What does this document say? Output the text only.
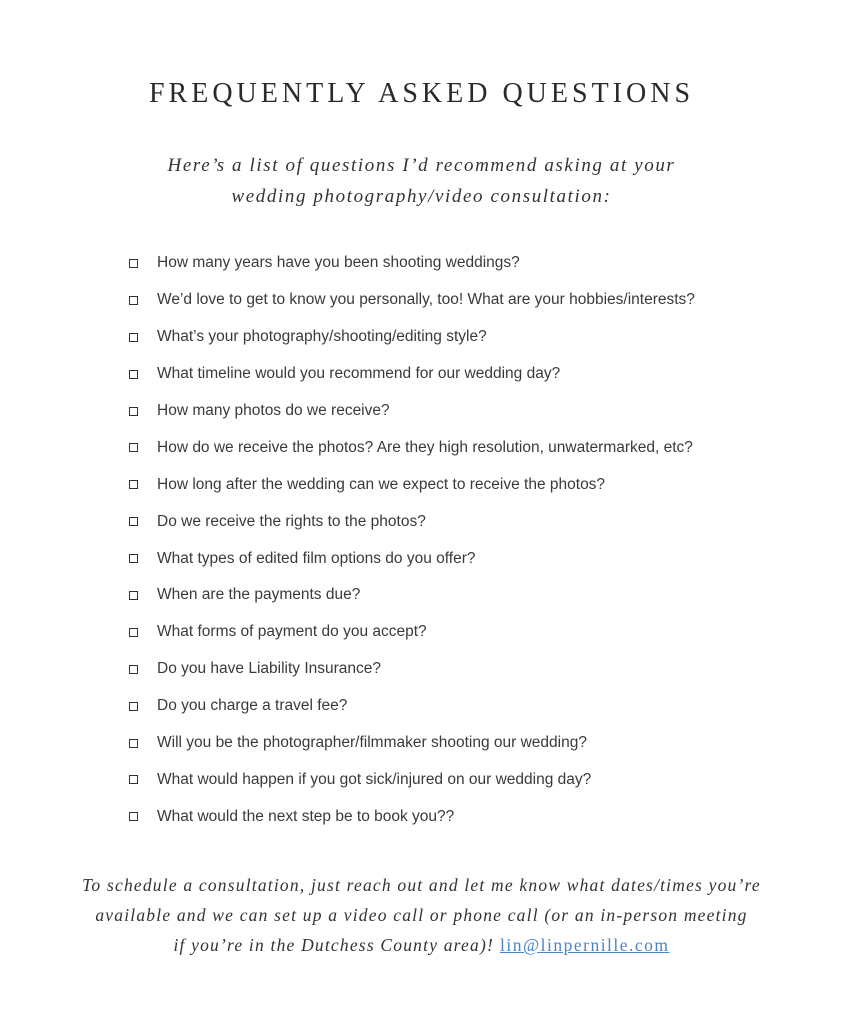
FREQUENTLY ASKED QUESTIONS
Here’s a list of questions I’d recommend asking at your
wedding photography/video consultation:
How many years have you been shooting weddings?
We’d love to get to know you personally, too! What are your hobbies/interests?
What’s your photography/shooting/editing style?
What timeline would you recommend for our wedding day?
How many photos do we receive?
How do we receive the photos? Are they high resolution, unwatermarked, etc?
How long after the wedding can we expect to receive the photos?
Do we receive the rights to the photos?
What types of edited film options do you offer?
When are the payments due?
What forms of payment do you accept?
Do you have Liability Insurance?
Do you charge a travel fee?
Will you be the photographer/filmmaker shooting our wedding?
What would happen if you got sick/injured on our wedding day?
What would the next step be to book you??
To schedule a consultation, just reach out and let me know what dates/times you’re
available and we can set up a video call or phone call (or an in-person meeting
if you’re in the Dutchess County area)! lin@linpernille.com
